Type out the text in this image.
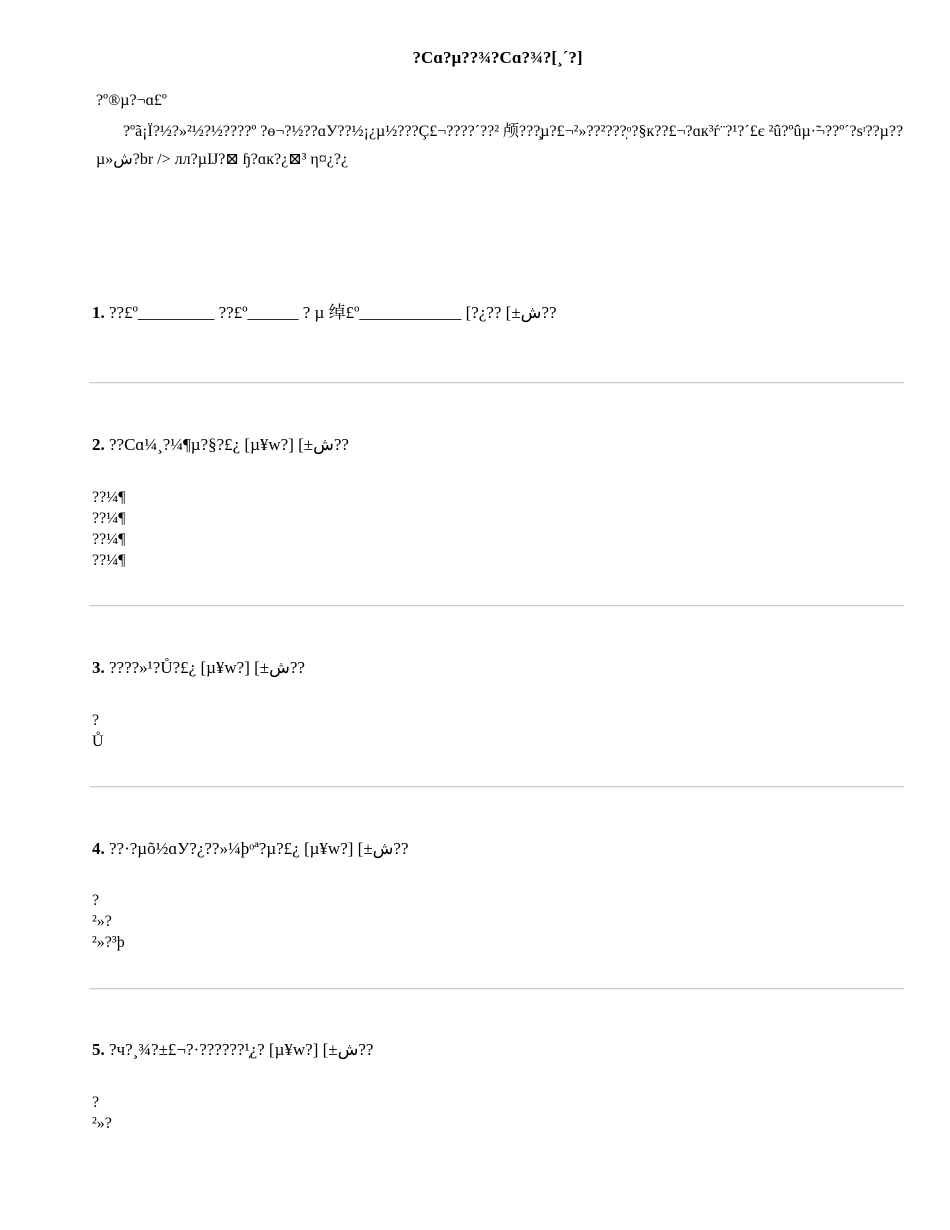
?Cɑ?µ??¾?Cɑ?¾?[¸´?]
?º®µ?¬ɑ£º
?ºã¡Ï?½?»²½?½????º ?ɵ¬?½??ɑУ??½¡¿µ½???Ç£¬????´??² 颅???̧µ?£¬²»??²???̩ᵒ?§к??£¬?ɑк³ѓ¨?¹?´£є ²û?ºûµ·̃¬??º´?ѕᶦ??µ??µ»ش?br /> лл?µĲ?⊠ ɧ?ɑк?¿⊠³ η¤¿?¿
1. ??£º_________ ??£º______ ? µ 绰£º____________ [?¿?? [±ش??
2. ??Cɑ¼¸?¼¶µ?§?£¿ [µ¥w?] [±ش??
??¼¶
??¼¶
??¼¶
??¼¶
3. ????»¹?Ů?£¿ [µ¥w?] [±ش??
?
Ů
4. ??·?µõ½ɑУ?¿??»¼þᵒª?µ?£¿ [µ¥w?] [±ش??
?
²»?
²»?³þ
5. ?ч?¸¾?±£¬?·??????¹̩¿? [µ¥w?] [±ش??
?
²»?
